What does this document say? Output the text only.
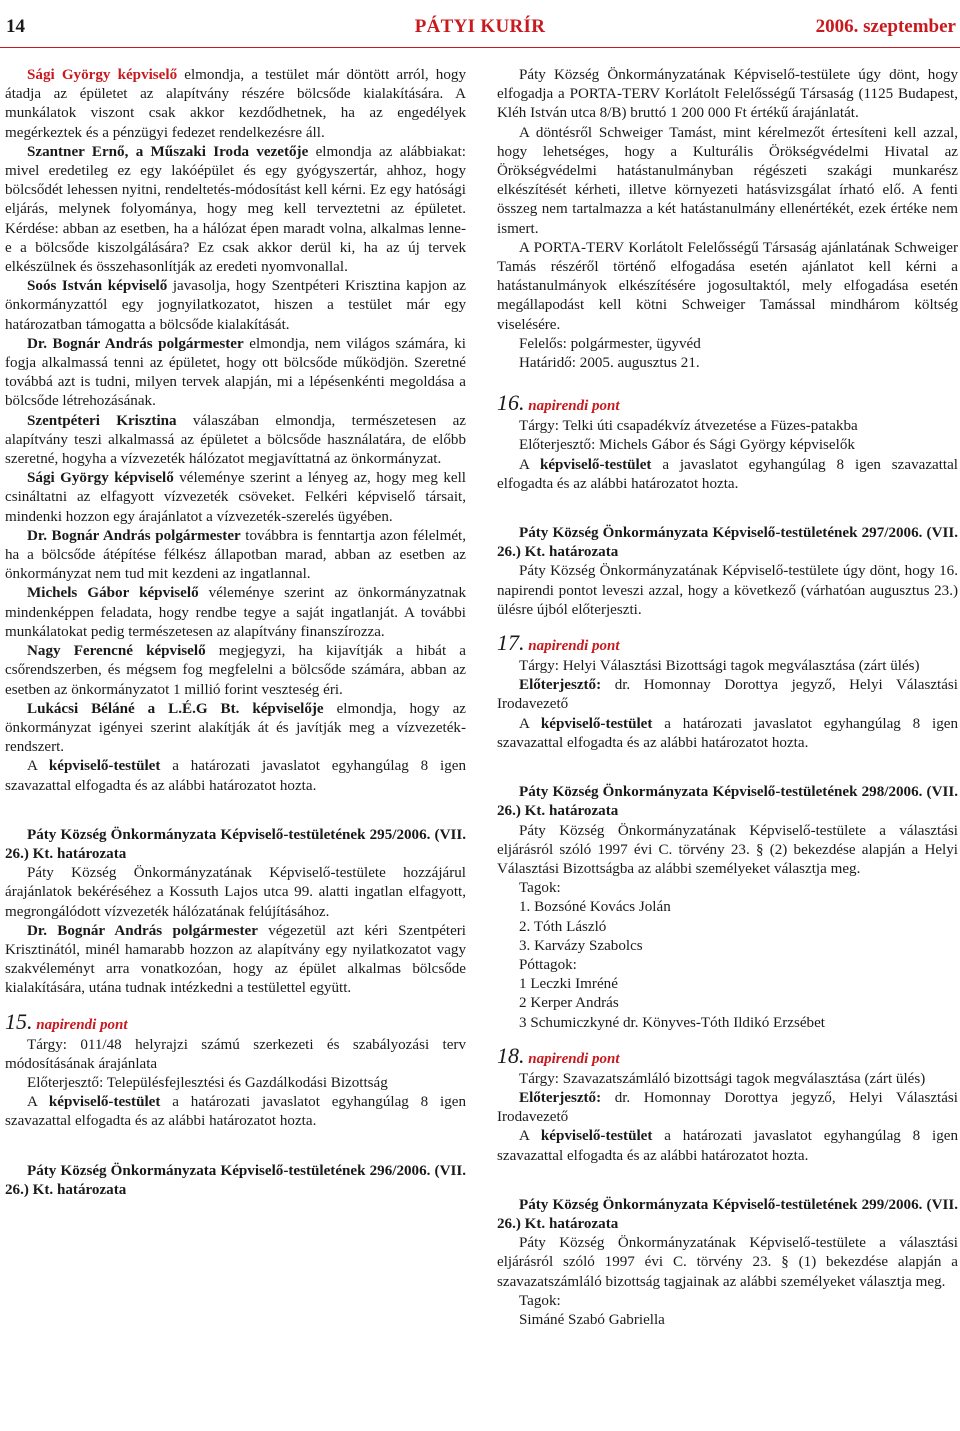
14	PÁTYI KURÍR	2006. szeptember

Sági György képviselő elmondja, a testület már döntött arról, hogy átadja az épületet az alapítvány részére bölcsőde kialakítására. A munkálatok viszont csak akkor kezdődhetnek, ha az engedélyek megérkeztek és a pénzügyi fedezet rendelkezésre áll.

Szantner Ernő, a Műszaki Iroda vezetője elmondja az alábbiakat: mivel eredetileg ez egy lakóépület és egy gyógyszertár, ahhoz, hogy bölcsődét lehessen nyitni, rendeltetés-módosítást kell kérni. Ez egy hatósági eljárás, melynek folyománya, hogy meg kell terveztetni az épületet. Kérdése: abban az esetben, ha a hálózat épen maradt volna, alkalmas lenne-e a bölcsőde kiszolgálására? Ez csak akkor derül ki, ha az új tervek elkészülnek és összehasonlítják az eredeti nyomvonallal.

Soós István képviselő javasolja, hogy Szentpéteri Krisztina kapjon az önkormányzattól egy jognyilatkozatot, hiszen a testület már egy határozatban támogatta a bölcsőde kialakítását.

Dr. Bognár András polgármester elmondja, nem világos számára, ki fogja alkalmassá tenni az épületet, hogy ott bölcsőde működjön. Szeretné továbbá azt is tudni, milyen tervek alapján, mi a lépésenkénti megoldása a bölcsőde létrehozásának.

Szentpéteri Krisztina válaszában elmondja, természetesen az alapítvány teszi alkalmassá az épületet a bölcsőde használatára, de előbb szeretné, hogyha a vízvezeték hálózatot megjavíttatná az önkormányzat.

Sági György képviselő véleménye szerint a lényeg az, hogy meg kell csináltatni az elfagyott vízvezeték csöveket. Felkéri képviselő társait, mindenki hozzon egy árajánlatot a vízvezeték-szerelés ügyében.

Dr. Bognár András polgármester továbbra is fenntartja azon félelmét, ha a bölcsőde átépítése félkész állapotban marad, abban az esetben az önkormányzat nem tud mit kezdeni az ingatlannal.

Michels Gábor képviselő véleménye szerint az önkormányzatnak mindenképpen feladata, hogy rendbe tegye a saját ingatlanját. A további munkálatokat pedig természetesen az alapítvány finanszírozza.

Nagy Ferencné képviselő megjegyzi, ha kijavítják a hibát a csőrendszerben, és mégsem fog megfelelni a bölcsőde számára, abban az esetben az önkormányzatot 1 millió forint veszteség éri.

Lukácsi Béláné a L.É.G Bt. képviselője elmondja, hogy az önkormányzat igényei szerint alakítják át és javítják meg a vízvezeték-rendszert.

A képviselő-testület a határozati javaslatot egyhangúlag 8 igen szavazattal elfogadta és az alábbi határozatot hozta.

Páty Község Önkormányzata Képviselő-testületének 295/2006. (VII. 26.) Kt. határozata

Páty Község Önkormányzatának Képviselő-testülete hozzájárul árajánlatok bekéréséhez a Kossuth Lajos utca 99. alatti ingatlan elfagyott, megrongálódott vízvezeték hálózatának felújításához.

Dr. Bognár András polgármester végezetül azt kéri Szentpéteri Krisztinától, minél hamarabb hozzon az alapítvány egy nyilatkozatot vagy szakvéleményt arra vonatkozóan, hogy az épület alkalmas bölcsőde kialakítására, utána tudnak intézkedni a testülettel együtt.

15. napirendi pont

Tárgy: 011/48 helyrajzi számú szerkezeti és szabályozási terv módosításának árajánlata

Előterjesztő: Településfejlesztési és Gazdálkodási Bizottság

A képviselő-testület a határozati javaslatot egyhangúlag 8 igen szavazattal elfogadta és az alábbi határozatot hozta.

Páty Község Önkormányzata Képviselő-testületének 296/2006. (VII. 26.) Kt. határozata

Páty Község Önkormányzatának Képviselő-testülete úgy dönt, hogy elfogadja a PORTA-TERV Korlátolt Felelősségű Társaság (1125 Budapest, Kléh István utca 8/B) bruttó 1 200 000 Ft értékű árajánlatát.

A döntésről Schweiger Tamást, mint kérelmezőt értesíteni kell azzal, hogy lehetséges, hogy a Kulturális Örökségvédelmi Hivatal az Örökségvédelmi hatástanulmányban régészeti szakági munkarész elkészítését kérheti, illetve környezeti hatásvizsgálat írható elő. A fenti összeg nem tartalmazza a két hatástanulmány ellenértékét, ezek értéke nem ismert.

A PORTA-TERV Korlátolt Felelősségű Társaság ajánlatának Schweiger Tamás részéről történő elfogadása esetén ajánlatot kell kérni a hatástanulmányok elkészítésére jogosultaktól, mely elfogadása esetén megállapodást kell kötni Schweiger Tamással mindhárom költség viselésére.

Felelős: polgármester, ügyvéd

Határidő: 2005. augusztus 21.

16. napirendi pont

Tárgy: Telki úti csapadékvíz átvezetése a Füzes-patakba

Előterjesztő: Michels Gábor és Sági György képviselők

A képviselő-testület a javaslatot egyhangúlag 8 igen szavazattal elfogadta és az alábbi határozatot hozta.

Páty Község Önkormányzata Képviselő-testületének 297/2006. (VII. 26.) Kt. határozata

Páty Község Önkormányzatának Képviselő-testülete úgy dönt, hogy 16. napirendi pontot leveszi azzal, hogy a következő (várhatóan augusztus 23.) ülésre újból előterjeszti.

17. napirendi pont

Tárgy: Helyi Választási Bizottsági tagok megválasztása (zárt ülés)

Előterjesztő: dr. Homonnay Dorottya jegyző, Helyi Választási Irodavezető

A képviselő-testület a határozati javaslatot egyhangúlag 8 igen szavazattal elfogadta és az alábbi határozatot hozta.

Páty Község Önkormányzata Képviselő-testületének 298/2006. (VII. 26.) Kt. határozata

Páty Község Önkormányzatának Képviselő-testülete a választási eljárásról szóló 1997 évi C. törvény 23. § (2) bekezdése alapján a Helyi Választási Bizottságba az alábbi személyeket választja meg.

Tagok:

1. Bozsóné Kovács Jolán
2. Tóth László
3. Karvázy Szabolcs

Póttagok:

1 Leczki Imréné
2 Kerper András
3 Schumiczkyné dr. Könyves-Tóth Ildikó Erzsébet

18. napirendi pont

Tárgy: Szavazatszámláló bizottsági tagok megválasztása (zárt ülés)

Előterjesztő: dr. Homonnay Dorottya jegyző, Helyi Választási Irodavezető

A képviselő-testület a határozati javaslatot egyhangúlag 8 igen szavazattal elfogadta és az alábbi határozatot hozta.

Páty Község Önkormányzata Képviselő-testületének 299/2006. (VII. 26.) Kt. határozata

Páty Község Önkormányzatának Képviselő-testülete a választási eljárásról szóló 1997 évi C. törvény 23. § (1) bekezdése alapján a szavazatszámláló bizottság tagjainak az alábbi személyeket választja meg.

Tagok:

Simáné Szabó Gabriella
